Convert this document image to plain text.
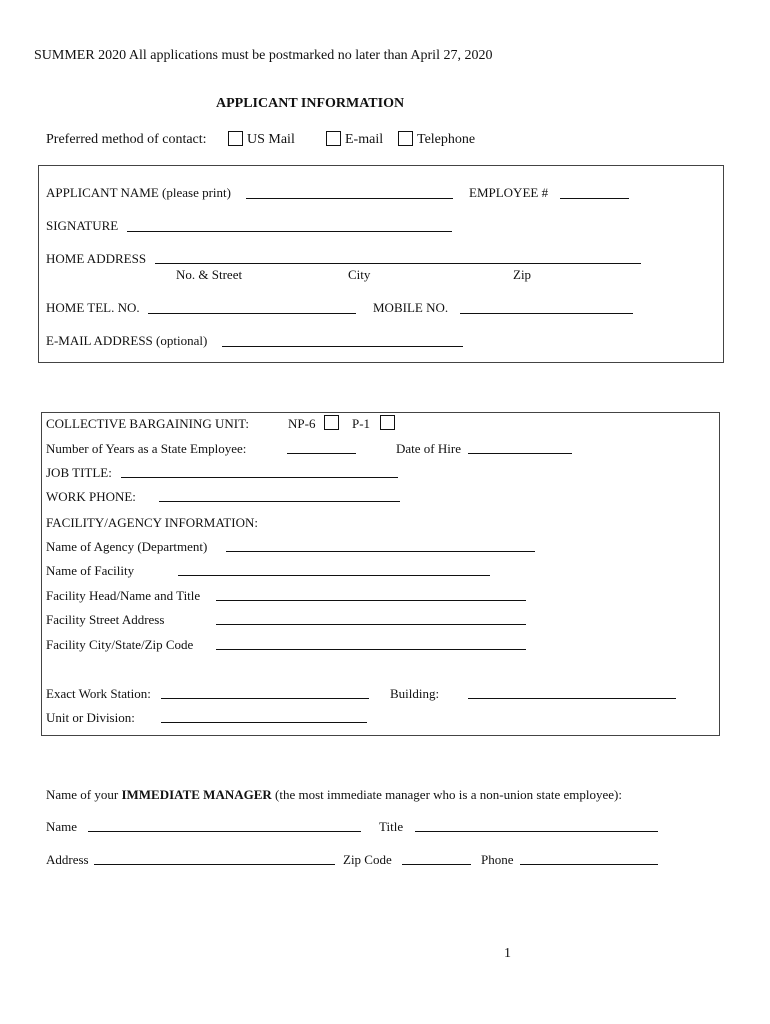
SUMMER 2020 All applications must be postmarked no later than April 27, 2020
APPLICANT INFORMATION
Preferred method of contact:	US Mail	E-mail Telephone
APPLICANT NAME (please print)	EMPLOYEE #
SIGNATURE
HOME ADDRESS
No. & Street	City	Zip
HOME TEL. NO.	MOBILE NO.
E-MAIL ADDRESS (optional)
COLLECTIVE BARGAINING UNIT:	NP-6	P-1
Number of Years as a State Employee:	Date of Hire
JOB TITLE:
WORK PHONE:
FACILITY/AGENCY INFORMATION:
Name of Agency (Department)
Name of Facility
Facility Head/Name and Title
Facility Street Address
Facility City/State/Zip Code
Exact Work Station:	Building:
Unit or Division:
Name of your IMMEDIATE MANAGER (the most immediate manager who is a non-union state employee):
Name	Title
Address	Zip Code	Phone
1
